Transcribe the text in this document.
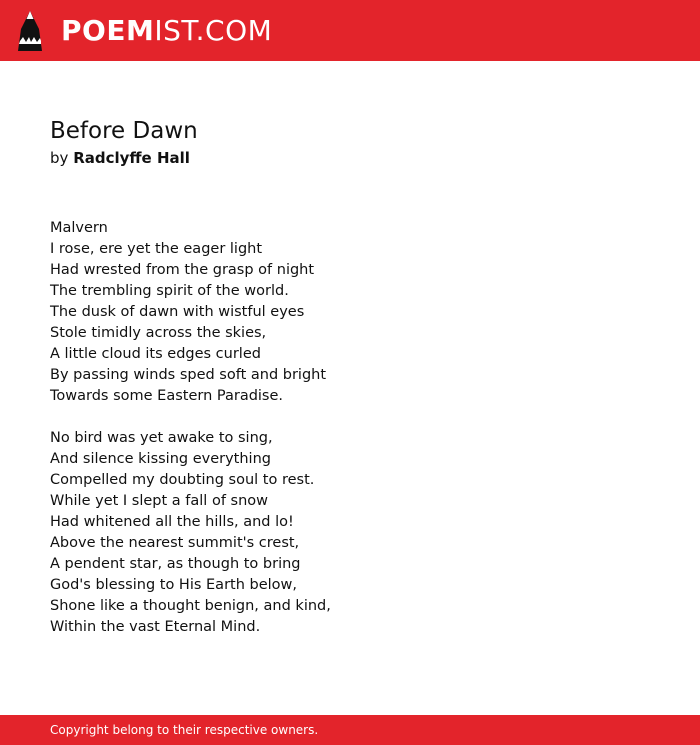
POEMIST.COM
Before Dawn
by Radclyffe Hall
Malvern
I rose, ere yet the eager light
Had wrested from the grasp of night
The trembling spirit of the world.
The dusk of dawn with wistful eyes
Stole timidly across the skies,
A little cloud its edges curled
By passing winds sped soft and bright
Towards some Eastern Paradise.
No bird was yet awake to sing,
And silence kissing everything
Compelled my doubting soul to rest.
While yet I slept a fall of snow
Had whitened all the hills, and lo!
Above the nearest summit's crest,
A pendent star, as though to bring
God's blessing to His Earth below,
Shone like a thought benign, and kind,
Within the vast Eternal Mind.
Copyright belong to their respective owners.
